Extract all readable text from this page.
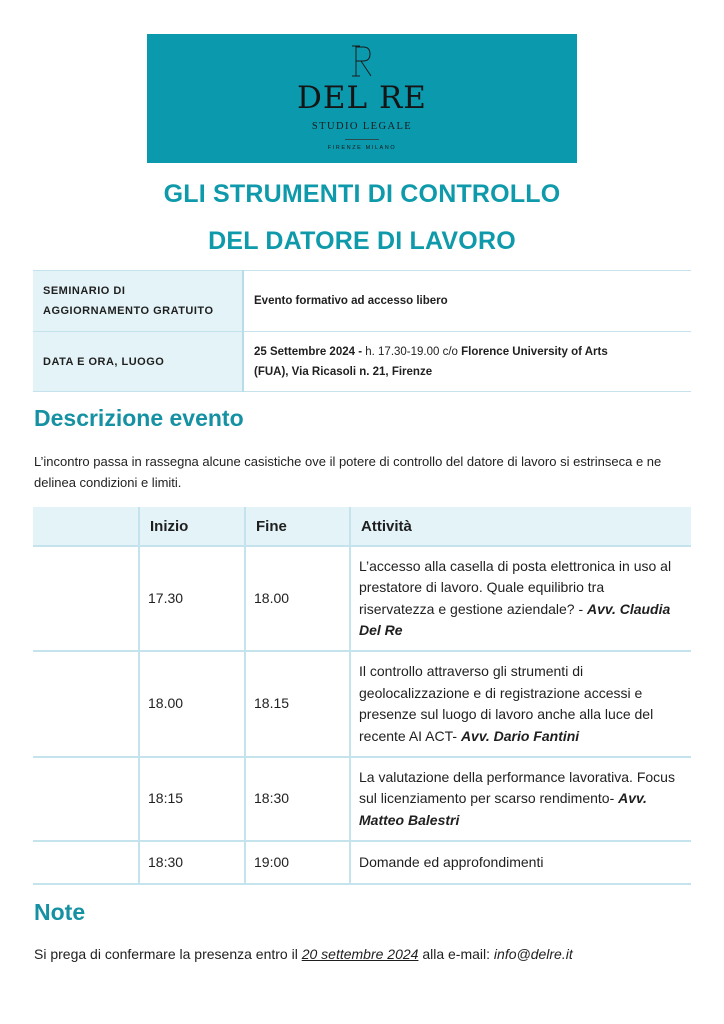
R
DEL RE
STUDIO LEGALE
FIRENZE MILANO
GLI STRUMENTI DI CONTROLLO
DEL DATORE DI LAVORO
SEMINARIO DI
AGGIORNAMENTO GRATUITO	Evento formativo ad accesso libero
DATA E ORA, LUOGO	25 Settembre 2024 - h. 17.30-19.00 c/o Florence University of Arts
(FUA), Via Ricasoli n. 21, Firenze
Descrizione evento
L’incontro passa in rassegna alcune casistiche ove il potere di controllo del datore di lavoro si estrinseca e ne delinea condizioni e limiti.
	Inizio	Fine	Attività
	17.30	18.00	L’accesso alla casella di posta elettronica in uso al prestatore di lavoro. Quale equilibrio tra riservatezza e gestione aziendale? - Avv. Claudia Del Re
	18.00	18.15	Il controllo attraverso gli strumenti di geolocalizzazione e di registrazione accessi e presenze sul luogo di lavoro anche alla luce del recente AI ACT- Avv. Dario Fantini
	18:15	18:30	La valutazione della performance lavorativa. Focus sul licenziamento per scarso rendimento- Avv. Matteo Balestri
	18:30	19:00	Domande ed approfondimenti
Note
Si prega di confermare la presenza entro il 20 settembre 2024 alla e-mail: info@delre.it
